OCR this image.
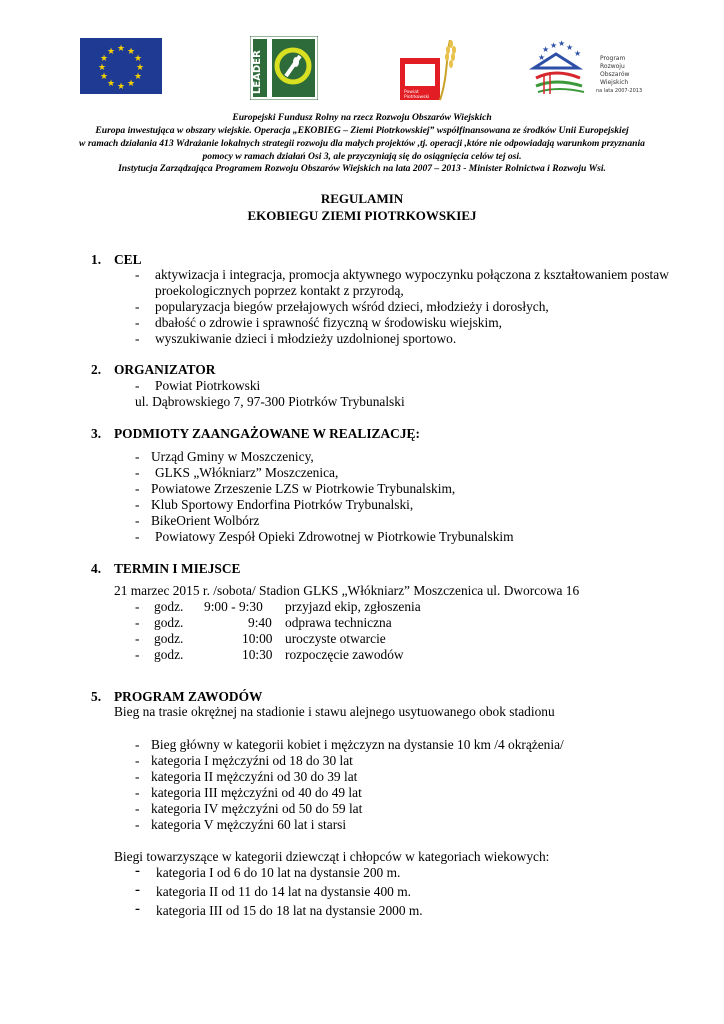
★ ★
★
★
★
★
★
★
★
★
★
★	LEADER	Powiat
Piotrkowski
★ ★ ★
★	★
★	Program
Rozwoju
Obszarów
Wiejskich
na lata 2007-2013
Europejski Fundusz Rolny na rzecz Rozwoju Obszarów Wiejskich
Europa inwestująca w obszary wiejskie. Operacja „EKOBIEG – Ziemi Piotrkowskiej” współfinansowana ze środków Unii Europejskiej
w ramach działania 413 Wdrażanie lokalnych strategii rozwoju dla małych projektów ,tj. operacji ,które nie odpowiadają warunkom przyznania
pomocy w ramach działań Osi 3, ale przyczyniają się do osiągnięcia celów tej osi.
Instytucja Zarządzająca Programem Rozwoju Obszarów Wiejskich na lata 2007 – 2013 - Minister Rolnictwa i Rozwoju Wsi.
REGULAMIN
EKOBIEGU ZIEMI PIOTRKOWSKIEJ
1. CEL
- aktywizacja i integracja, promocja aktywnego wypoczynku połączona z kształtowaniem postaw
proekologicznych poprzez kontakt z przyrodą,
- popularyzacja biegów przełajowych wśród dzieci, młodzieży i dorosłych,
- dbałość o zdrowie i sprawność fizyczną w środowisku wiejskim,
- wyszukiwanie dzieci i młodzieży uzdolnionej sportowo.
2. ORGANIZATOR
- Powiat Piotrkowski
ul. Dąbrowskiego 7, 97-300 Piotrków Trybunalski
3. PODMIOTY ZAANGAŻOWANE W REALIZACJĘ:
- Urząd Gminy w Moszczenicy,
- GLKS „Włókniarz” Moszczenica,
- Powiatowe Zrzeszenie LZS w Piotrkowie Trybunalskim,
- Klub Sportowy Endorfina Piotrków Trybunalski,
- BikeOrient Wolbórz
- Powiatowy Zespół Opieki Zdrowotnej w Piotrkowie Trybunalskim
4. TERMIN I MIEJSCE
21 marzec 2015 r. /sobota/ Stadion GLKS „Włókniarz” Moszczenica ul. Dworcowa 16
- godz. 9:00 - 9:30 przyjazd ekip, zgłoszenia
- godz.	9:40 odprawa techniczna
- godz.	10:00 uroczyste otwarcie
- godz.	10:30 rozpoczęcie zawodów
5. PROGRAM ZAWODÓW
Bieg na trasie okrężnej na stadionie i stawu alejnego usytuowanego obok stadionu
- Bieg główny w kategorii kobiet i mężczyzn na dystansie 10 km /4 okrążenia/
- kategoria I mężczyźni od 18 do 30 lat
- kategoria II mężczyźni od 30 do 39 lat
- kategoria III mężczyźni od 40 do 49 lat
- kategoria IV mężczyźni od 50 do 59 lat
- kategoria V mężczyźni 60 lat i starsi
Biegi towarzyszące w kategorii dziewcząt i chłopców w kategoriach wiekowych:
- kategoria I od 6 do 10 lat na dystansie 200 m.
- kategoria II od 11 do 14 lat na dystansie 400 m.
- kategoria III od 15 do 18 lat na dystansie 2000 m.
